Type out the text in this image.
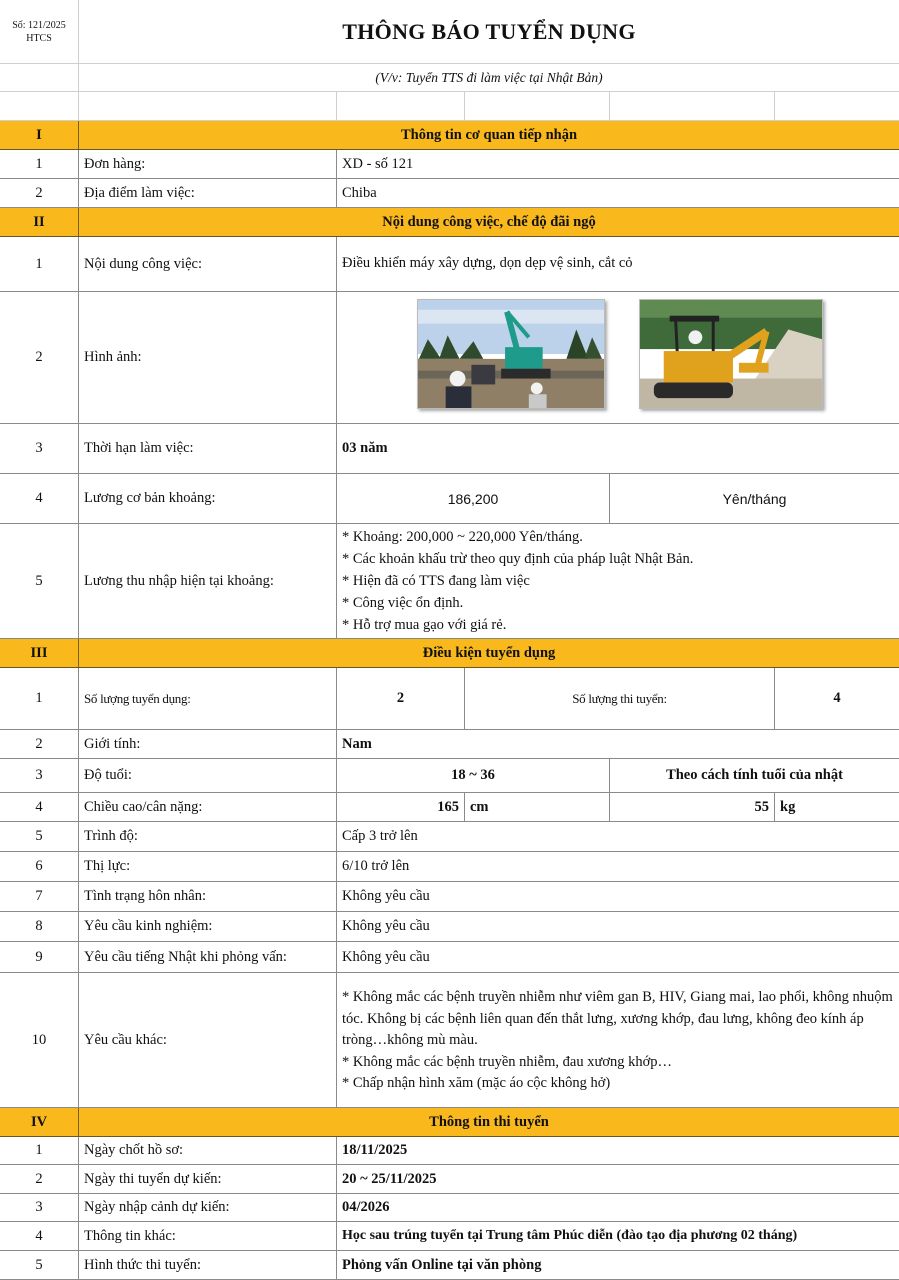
Số: 121/2025
HTCS	THÔNG BÁO TUYỂN DỤNG
(V/v: Tuyển TTS đi làm việc tại Nhật Bản)
I	Thông tin cơ quan tiếp nhận
1	Đơn hàng:	XD - số 121
2	Địa điểm làm việc:	Chiba
II	Nội dung công việc, chế độ đãi ngộ
1	Nội dung công việc:	Điều khiển máy xây dựng, dọn dẹp vệ sinh, cắt cỏ
2	Hình ảnh:
3	Thời hạn làm việc:	03 năm
4	Lương cơ bản khoảng:	186,200	Yên/tháng
5	Lương thu nhập hiện tại khoảng:
* Khoảng: 200,000 ~ 220,000 Yên/tháng.
* Các khoản khấu trừ theo quy định của pháp luật Nhật Bản.
* Hiện đã có TTS đang làm việc
* Công việc ổn định.
* Hỗ trợ mua gạo với giá rẻ.
III	Điều kiện tuyển dụng
1	Số lượng tuyển dụng:	2	Số lượng thi tuyển:	4
2	Giới tính:	Nam
3	Độ tuổi:	18 ~ 36	Theo cách tính tuổi của nhật
4	Chiều cao/cân nặng:	165 cm	55 kg
5	Trình độ:	Cấp 3 trở lên
6	Thị lực:	6/10 trở lên
7	Tình trạng hôn nhân:	Không yêu cầu
8	Yêu cầu kinh nghiệm:	Không yêu cầu
9	Yêu cầu tiếng Nhật khi phỏng vấn:	Không yêu cầu
10	Yêu cầu khác:
* Không mắc các bệnh truyền nhiễm như viêm gan B, HIV, Giang mai, lao phổi, không nhuộm tóc. Không bị các bệnh liên quan đến thắt lưng, xương khớp, đau lưng, không đeo kính áp tròng…không mù màu.
* Không mắc các bệnh truyền nhiễm, đau xương khớp…
* Chấp nhận hình xăm (mặc áo cộc không hở)
IV	Thông tin thi tuyển
1	Ngày chốt hồ sơ:	18/11/2025
2	Ngày thi tuyển dự kiến:	20 ~ 25/11/2025
3	Ngày nhập cảnh dự kiến:	04/2026
4	Thông tin khác:	Học sau trúng tuyển tại Trung tâm Phúc diễn (đào tạo địa phương 02 tháng)
5	Hình thức thi tuyển:	Phỏng vấn Online tại văn phòng
